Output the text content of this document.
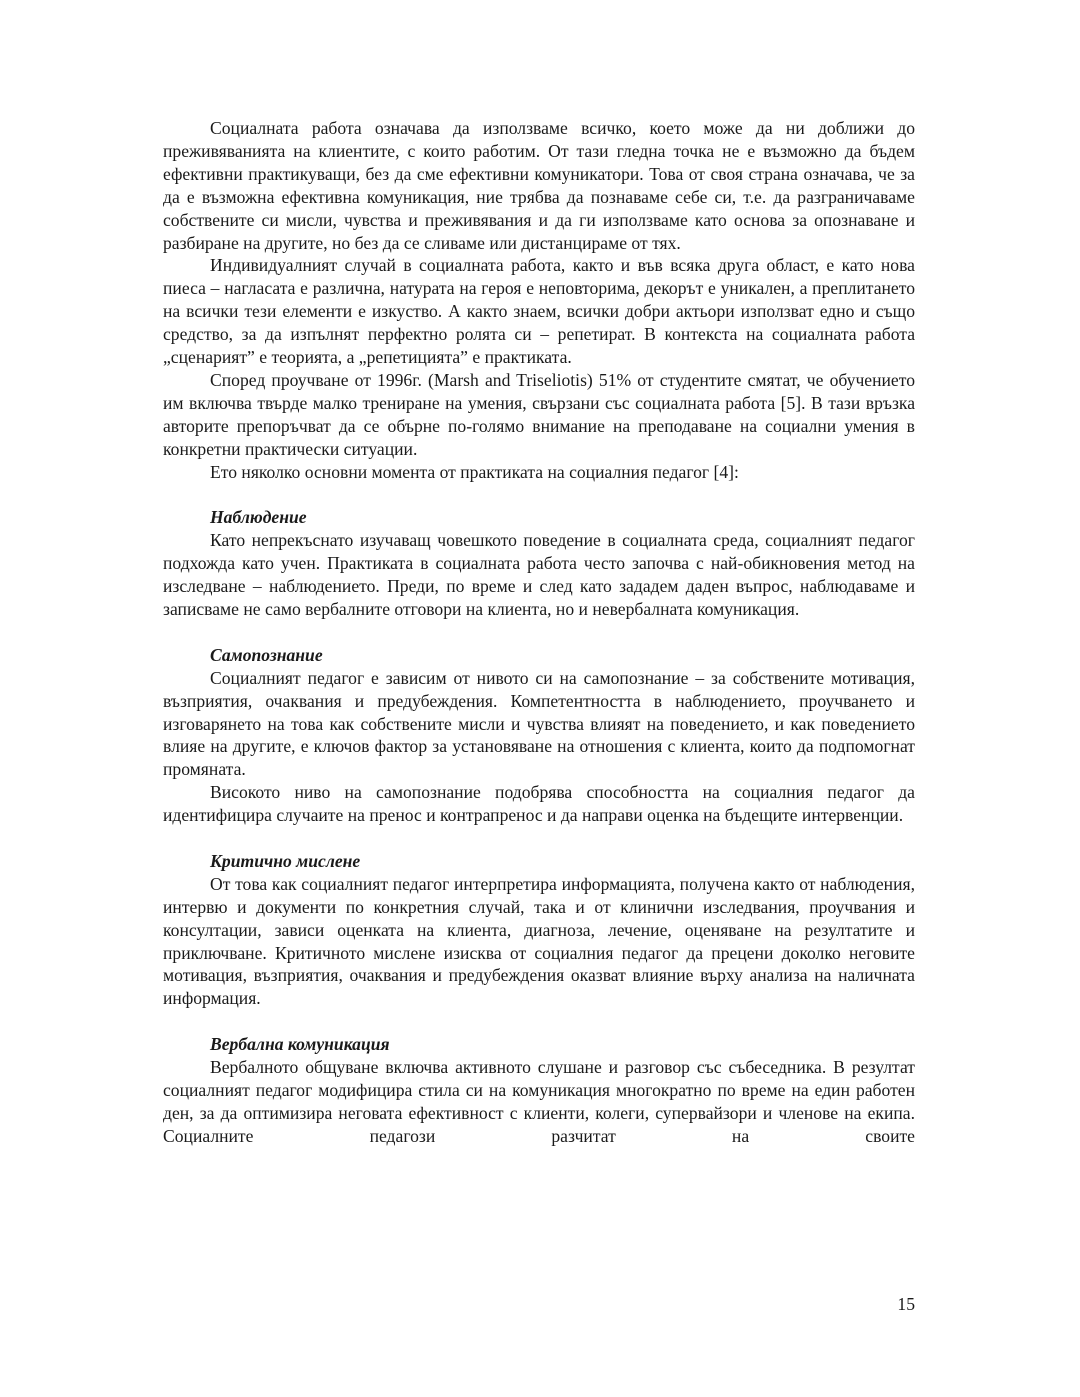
Социалната работа означава да използваме всичко, което може да ни доближи до преживяванията на клиентите, с които работим. От тази гледна точка не е възможно да бъдем ефективни практикуващи, без да сме ефективни комуникатори. Това от своя страна означава, че за да е възможна ефективна комуникация, ние трябва да познаваме себе си, т.е. да разграничаваме собствените си мисли, чувства и преживявания и да ги използваме като основа за опознаване и разбиране на другите, но без да се сливаме или дистанцираме от тях.

Индивидуалният случай в социалната работа, както и във всяка друга област, е като нова пиеса – нагласата е различна, натурата на героя е неповторима, декорът е уникален, а преплитането на всички тези елементи е изкуство. А както знаем, всички добри актьори използват едно и също средство, за да изпълнят перфектно ролята си – репетират. В контекста на социалната работа „сценарият” е теорията, а „репетицията” е практиката.

Според проучване от 1996г. (Marsh and Triseliotis) 51% от студентите смятат, че обучението им включва твърде малко трениране на умения, свързани със социалната работа [5]. В тази връзка авторите препоръчват да се обърне по-голямо внимание на преподаване на социални умения в конкретни практически ситуации.

Ето няколко основни момента от практиката на социалния педагог [4]:

Наблюдение

Като непрекъснато изучаващ човешкото поведение в социалната среда, социалният педагог подхожда като учен. Практиката в социалната работа често започва с най-обикновения метод на изследване – наблюдението. Преди, по време и след като зададем даден въпрос, наблюдаваме и записваме не само вербалните отговори на клиента, но и невербалната комуникация.

Самопознание

Социалният педагог е зависим от нивото си на самопознание – за собствените мотивация, възприятия, очаквания и предубеждения. Компетентността в наблюдението, проучването и изговарянето на това как собствените мисли и чувства влияят на поведението, и как поведението влияе на другите, е ключов фактор за установяване на отношения с клиента, които да подпомогнат промяната.

Високото ниво на самопознание подобрява способността на социалния педагог да идентифицира случаите на пренос и контрапренос и да направи оценка на бъдещите интервенции.

Критично мислене

От това как социалният педагог интерпретира информацията, получена както от наблюдения, интервю и документи по конкретния случай, така и от клинични изследвания, проучвания и консултации, зависи оценката на клиента, диагноза, лечение, оценяване на резултатите и приключване. Критичното мислене изисква от социалния педагог да прецени доколко неговите мотивация, възприятия, очаквания и предубеждения оказват влияние върху анализа на наличната информация.

Вербална комуникация

Вербалното общуване включва активното слушане и разговор със събеседника. В резултат социалният педагог модифицира стила си на комуникация многократно по време на един работен ден, за да оптимизира неговата ефективност с клиенти, колеги, супервайзори и членове на екипа. Социалните педагози разчитат на своите

15
